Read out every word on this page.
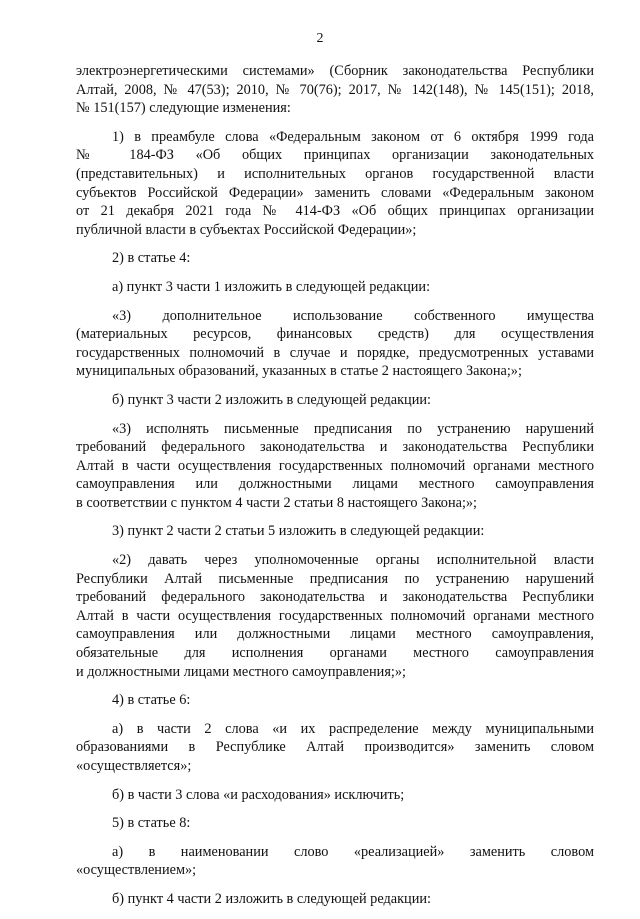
2
электроэнергетическими системами» (Сборник законодательства Республики
Алтай, 2008, № 47(53); 2010, № 70(76); 2017, № 142(148), № 145(151); 2018,
№ 151(157) следующие изменения:
1) в преамбуле слова «Федеральным законом от 6 октября 1999 года
№ 184-ФЗ «Об общих принципах организации законодательных
(представительных) и исполнительных органов государственной власти
субъектов Российской Федерации» заменить словами «Федеральным законом
от 21 декабря 2021 года № 414-ФЗ «Об общих принципах организации
публичной власти в субъектах Российской Федерации»;
2) в статье 4:
а) пункт 3 части 1 изложить в следующей редакции:
«3) дополнительное использование собственного имущества
(материальных ресурсов, финансовых средств) для осуществления
государственных полномочий в случае и порядке, предусмотренных уставами
муниципальных образований, указанных в статье 2 настоящего Закона;»;
б) пункт 3 части 2 изложить в следующей редакции:
«3) исполнять письменные предписания по устранению нарушений
требований федерального законодательства и законодательства Республики
Алтай в части осуществления государственных полномочий органами местного
самоуправления или должностными лицами местного самоуправления
в соответствии с пунктом 4 части 2 статьи 8 настоящего Закона;»;
3) пункт 2 части 2 статьи 5 изложить в следующей редакции:
«2) давать через уполномоченные органы исполнительной власти
Республики Алтай письменные предписания по устранению нарушений
требований федерального законодательства и законодательства Республики
Алтай в части осуществления государственных полномочий органами местного
самоуправления или должностными лицами местного самоуправления,
обязательные для исполнения органами местного самоуправления
и должностными лицами местного самоуправления;»;
4) в статье 6:
а) в части 2 слова «и их распределение между муниципальными
образованиями в Республике Алтай производится» заменить словом
«осуществляется»;
б) в части 3 слова «и расходования» исключить;
5) в статье 8:
а) в наименовании слово «реализацией» заменить словом
«осуществлением»;
б) пункт 4 части 2 изложить в следующей редакции:
